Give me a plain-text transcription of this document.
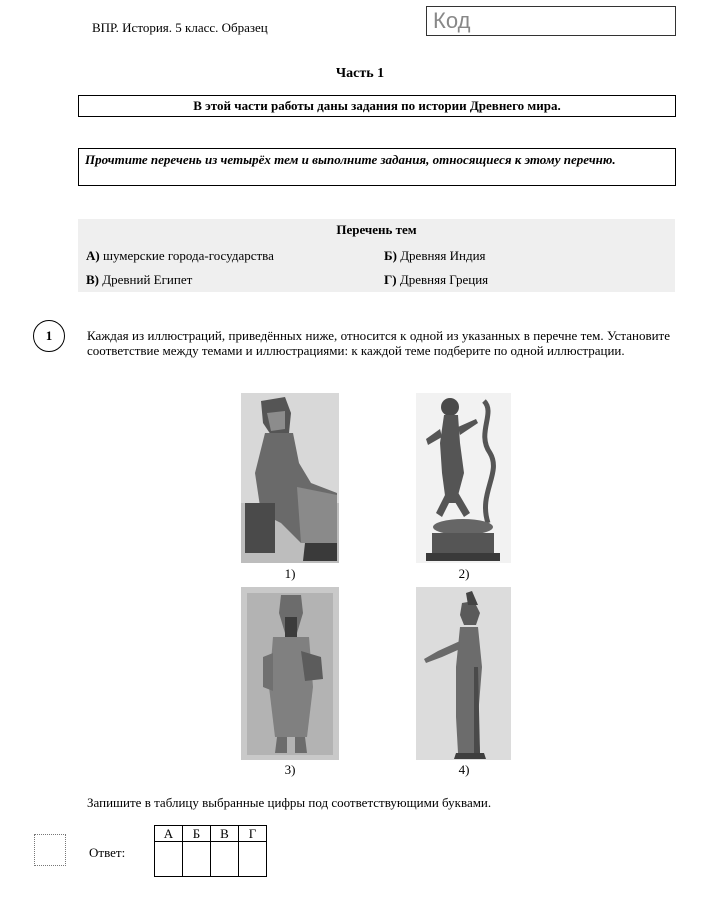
ВПР. История. 5 класс. Образец	Код
Часть 1
В этой части работы даны задания по истории Древнего мира.
Прочтите перечень из четырёх тем и выполните задания, относящиеся к этому перечню.
Перечень тем
А) шумерские города-государства	Б) Древняя Индия
В) Древний Египет	Г) Древняя Греция
1	Каждая из иллюстраций, приведённых ниже, относится к одной из указанных в перечне тем. Установите соответствие между темами и иллюстрациями: к каждой теме подберите по одной иллюстрации.
1)	2)
3)	4)
Запишите в таблицу выбранные цифры под соответствующими буквами.
Ответ:
А	Б	В	Г
